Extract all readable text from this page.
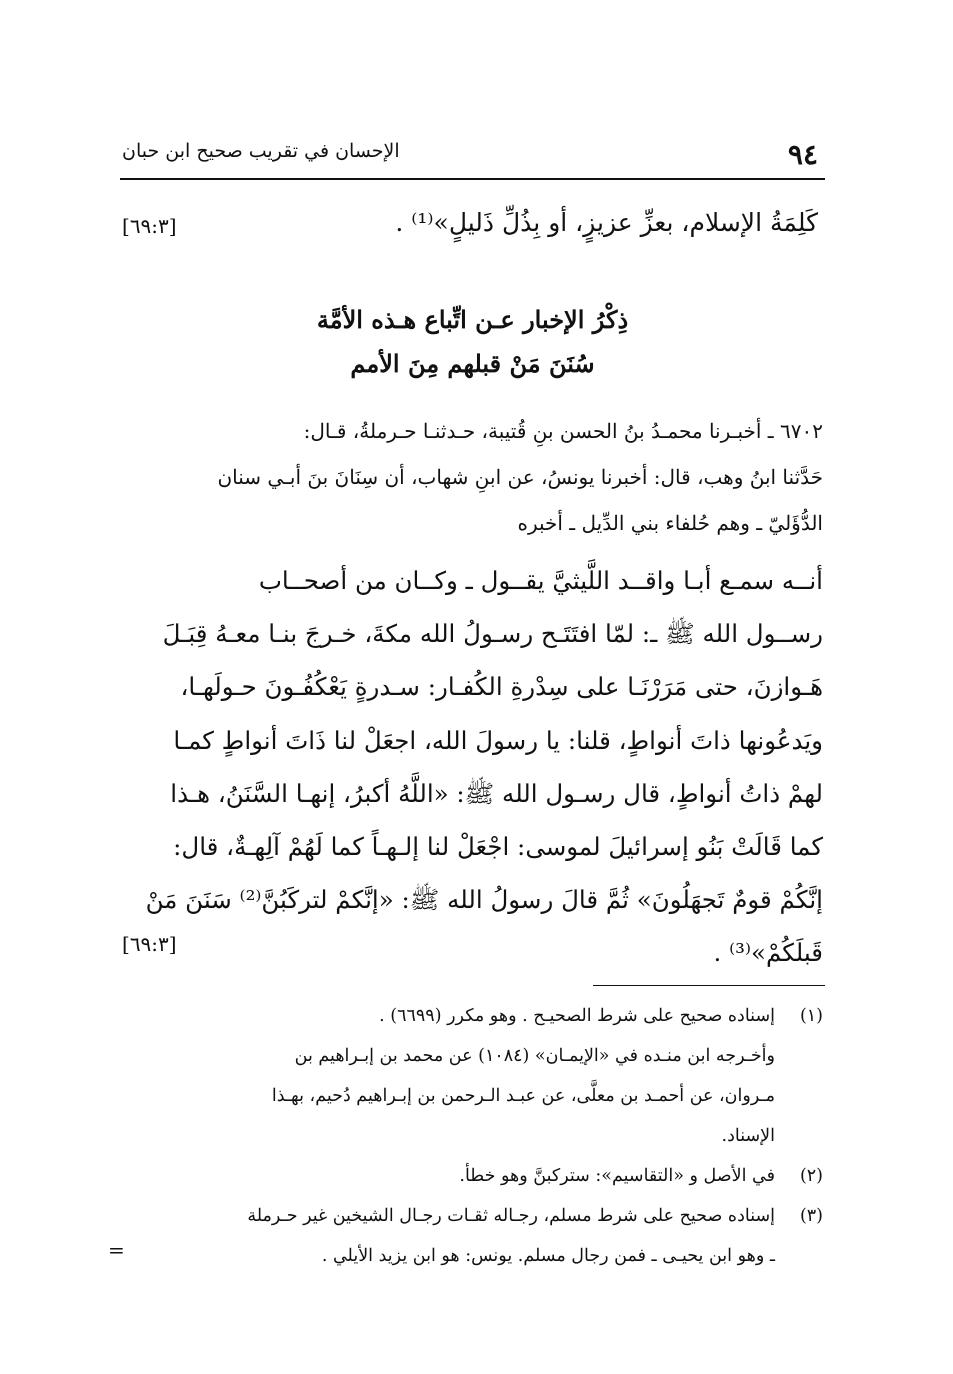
٩٤
الإحسان في تقريب صحيح ابن حبان
كَلِمَةُ الإسلام، بعزِّ عزيزٍ، أو بِذُلِّ ذَليلٍ»⁽¹⁾ .
[٦٩:٣]
ذِكْرُ الإخبار عـن اتِّباع هـذه الأمَّة
سُنَنَ مَنْ قبلهم مِنَ الأمم
٦٧٠٢ ـ أخبـرنا محمـدُ بنُ الحسن بنِ قُتيبة، حـدثنـا حـرملةُ، قـال:
حَدَّثنا ابنُ وهب، قال: أخبرنا يونسُ، عن ابنِ شهاب، أن سِنَانَ بنَ أبـي سنان
الدُّؤَليّ ـ وهم حُلفاء بني الدِّيل ـ أخبره
أنــه سمـع أبـا واقــد اللَّيثيَّ يقــول ـ وكــان من أصحــاب
رســول الله ﷺ ـ: لمّا افتَتَـح رسـولُ الله مكةَ، خـرجَ بنـا معـهُ قِبَـلَ
هَـوازنَ، حتى مَرَرْنَـا على سِدْرةِ الكُفـار: سـدرةٍ يَعْكُفُـونَ حـولَهـا،
ويَدعُونها ذاتَ أنواطٍ، قلنا: يا رسولَ الله، اجعَلْ لنا ذَاتَ أنواطٍ كمـا
لهمْ ذاتُ أنواطٍ، قال رسـول الله ﷺ: «اللَّهُ أكبرُ، إنهـا السَّنَنُ، هـذا
كما قَالَتْ بَنُو إسرائيلَ لموسى: اجْعَلْ لنا إلـهـاً كما لَهُمْ آلِهـةٌ، قال:
إنَّكُمْ قومٌ تَجهَلُونَ» ثُمَّ قالَ رسولُ الله ﷺ: «إنَّكمْ لتركَبُنَّ⁽²⁾ سَنَنَ مَنْ
قَبلَكُمْ»⁽³⁾ .
[٦٩:٣]
(١)
إسناده صحيح على شرط الصحيـح . وهو مكرر (٦٦٩٩) .
وأخـرجه ابن منـده في «الإيمـان» (١٠٨٤) عن محمد بن إبـراهيم بن
مـروان، عن أحمـد بن معلَّى، عن عبـد الـرحمن بن إبـراهيم دُحيم، بهـذا
الإسناد.
(٢)
في الأصل و «التقاسيم»: ستركبنَّ وهو خطأ.
(٣)
إسناده صحيح على شرط مسلم، رجـاله ثقـات رجـال الشيخين غير حـرملة
ـ وهو ابن يحيـى ـ فمن رجال مسلم. يونس: هو ابن يزيد الأيلي .
=
